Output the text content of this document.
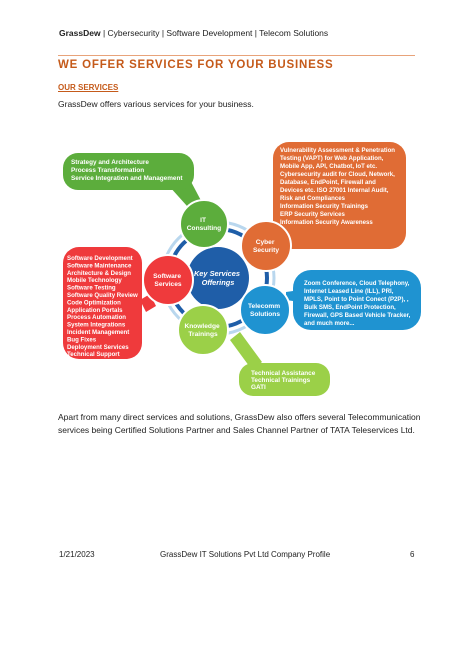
GrassDew | Cybersecurity | Software Development | Telecom Solutions
WE OFFER SERVICES FOR YOUR BUSINESS
OUR SERVICES
GrassDew offers various services for your business.
Strategy and Architecture Process Transformation Service Integration and Management
Vulnerability Assessment & Penetration Testing (VAPT) for Web Application, Mobile App, API, Chatbot, IoT etc. Cybersecurity audit for Cloud, Network, Database, EndPoint, Firewall and Devices etc. ISO 27001 Internal Audit, Risk and Compliances Information Security Trainings ERP Security Services Information Security Awareness
Zoom Conference, Cloud Telephony, Internet Leased Line (ILL), PRI, MPLS, Point to Point Conect (P2P), , Bulk SMS, EndPoint Protection, Firewall, GPS Based Vehicle Tracker, and much more...
Technical Assistance Technical Trainings GATI
Software Development Software Maintenance Architecture & Design Mobile Technology Software Testing Software Quality Review Code Optimization Application Portals Process Automation System Integrations Incident Management Bug Fixes Deployment Services Technical Support
Key Services Offerings
IT Consulting
Cyber Security
Telecomm Solutions
Knowledge Trainings
Software Services
Apart from many direct services and solutions, GrassDew also offers several Telecommunication services being Certified Solutions Partner and Sales Channel Partner of TATA Teleservices Ltd.
1/21/2023	GrassDew IT Solutions Pvt Ltd Company Profile	6
